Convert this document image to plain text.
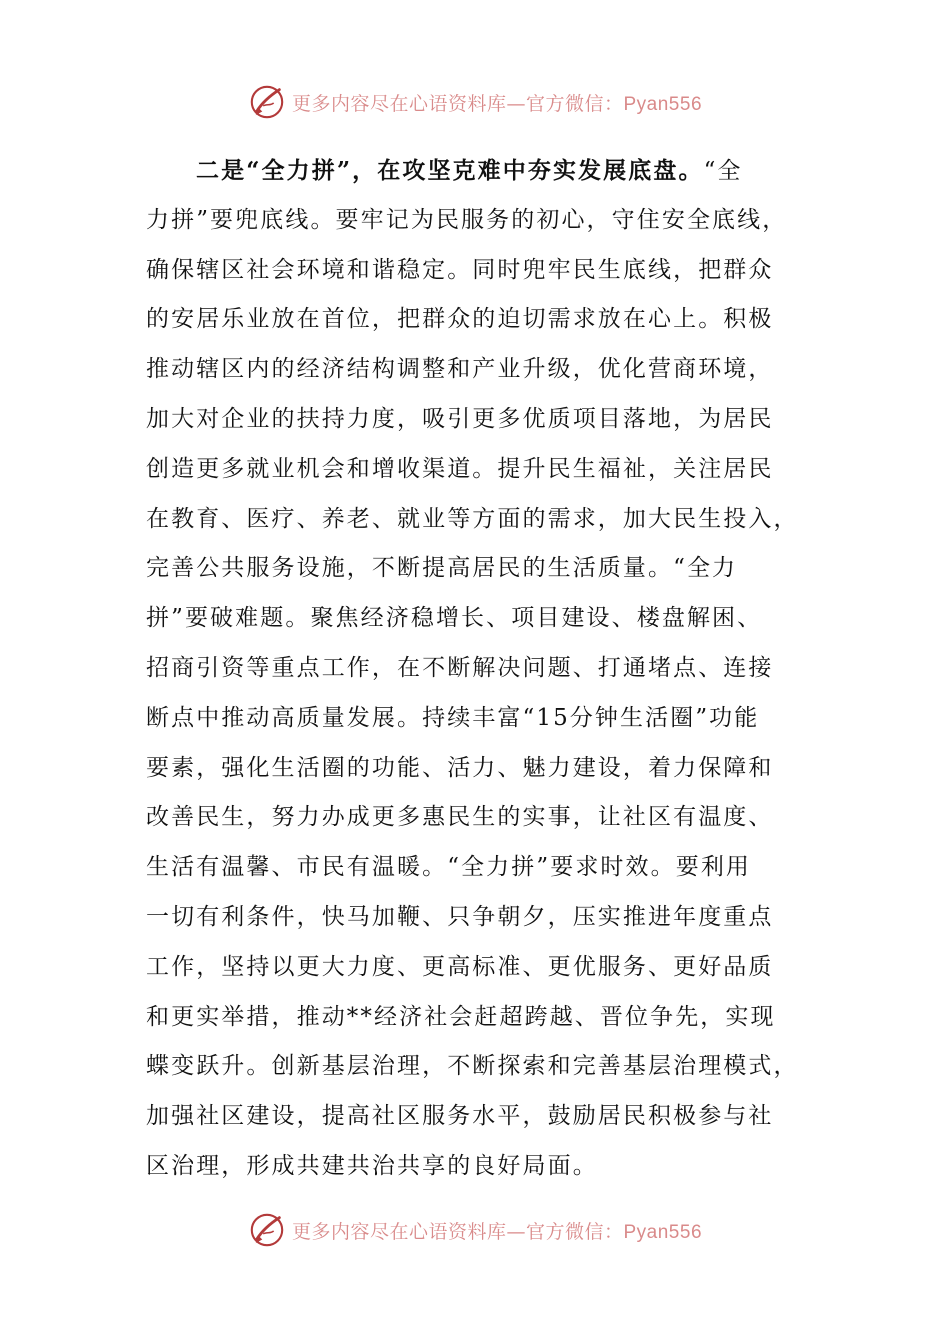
更多内容尽在心语资料库—官方微信：Pyan556
二是“全力拼”，在攻坚克难中夯实发展底盘。“全
力拼”要兜底线。要牢记为民服务的初心，守住安全底线，
确保辖区社会环境和谐稳定。同时兜牢民生底线，把群众
的安居乐业放在首位，把群众的迫切需求放在心上。积极
推动辖区内的经济结构调整和产业升级，优化营商环境，
加大对企业的扶持力度，吸引更多优质项目落地，为居民
创造更多就业机会和增收渠道。提升民生福祉，关注居民
在教育、医疗、养老、就业等方面的需求，加大民生投入，
完善公共服务设施，不断提高居民的生活质量。“全力
拼”要破难题。聚焦经济稳增长、项目建设、楼盘解困、
招商引资等重点工作，在不断解决问题、打通堵点、连接
断点中推动高质量发展。持续丰富“15分钟生活圈”功能
要素，强化生活圈的功能、活力、魅力建设，着力保障和
改善民生，努力办成更多惠民生的实事，让社区有温度、
生活有温馨、市民有温暖。“全力拼”要求时效。要利用
一切有利条件，快马加鞭、只争朝夕，压实推进年度重点
工作，坚持以更大力度、更高标准、更优服务、更好品质
和更实举措，推动**经济社会赶超跨越、晋位争先，实现
蝶变跃升。创新基层治理，不断探索和完善基层治理模式，
加强社区建设，提高社区服务水平，鼓励居民积极参与社
区治理，形成共建共治共享的良好局面。
更多内容尽在心语资料库—官方微信：Pyan556
